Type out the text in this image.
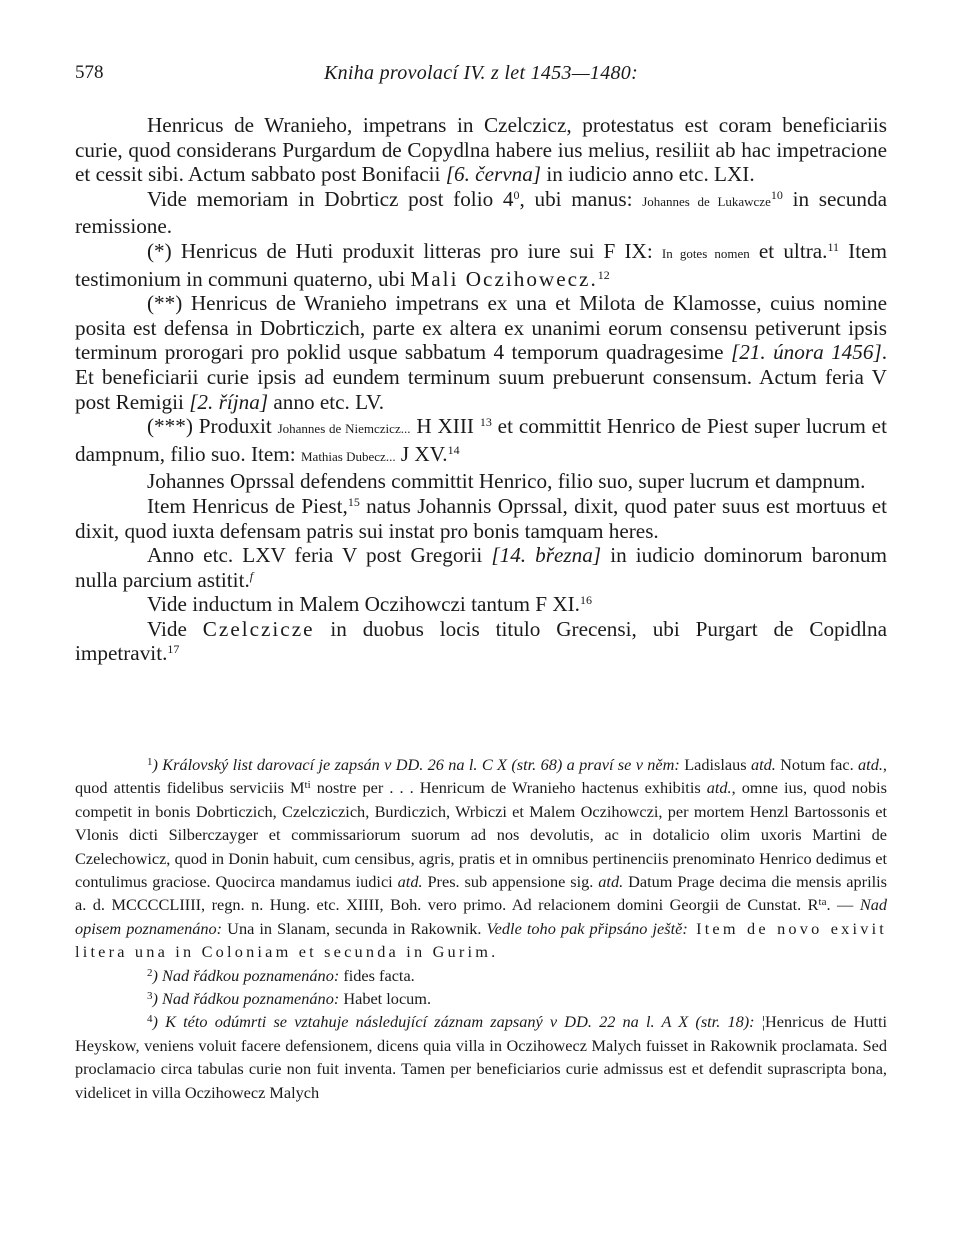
578	Kniha provolací IV. z let 1453—1480:

Henricus de Wranieho, impetrans in Czelczicz, protestatus est coram beneficiariis curie, quod considerans Purgardum de Copydlna habere ius melius, resiliit ab hac impetracione et cessit sibi. Actum sabbato post Bonifacii [6. června] in iudicio anno etc. LXI.

Vide memoriam in Dobrticz post folio $4^0$, ubi manus: Johannes de Lukawcze$^{10}$ in secunda remissione.

(*) Henricus de Huti produxit litteras pro iure sui F IX: In gotes nomen et ultra.$^{11}$ Item testimonium in communi quaterno, ubi Mali Oczihowecz.$^{12}$

(**) Henricus de Wranieho impetrans ex una et Milota de Klamosse, cuius nomine posita est defensa in Dobrticzich, parte ex altera ex unanimi eorum consensu petiverunt ipsis terminum prorogari pro poklid usque sabbatum 4 temporum quadragesime [21. února 1456]. Et beneficiarii curie ipsis ad eundem terminum suum prebuerunt consensum. Actum feria V post Remigii [2. října] anno etc. LV.

(***) Produxit Johannes de Niemczicz... H XIII $^{13}$ et committit Henrico de Piest super lucrum et dampnum, filio suo. Item: Mathias Dubecz... J XV.$^{14}$

Johannes Oprssal defendens committit Henrico, filio suo, super lucrum et dampnum.

Item Henricus de Piest,$^{15}$ natus Johannis Oprssal, dixit, quod pater suus est mortuus et dixit, quod iuxta defensam patris sui instat pro bonis tamquam heres.

Anno etc. LXV feria V post Gregorii [14. března] in iudicio dominorum baronum nulla parcium astitit.$^f$

Vide inductum in Malem Oczihowczi tantum F XI.$^{16}$

Vide Czelczicze in duobus locis titulo Grecensi, ubi Purgart de Copidlna impetravit.$^{17}$

$^1$) Královský list darovací je zapsán v DD. 26 na l. C X (str. 68) a praví se v něm: Ladislaus atd. Notum fac. atd., quod attentis fidelibus serviciis $M^{ti}$ nostre per . . . Henricum de Wranieho hactenus exhibitis atd., omne ius, quod nobis competit in bonis Dobrticzich, Czelcziczich, Burdiczich, Wrbiczi et Malem Oczihowczi, per mortem Henzl Bartossonis et Vlonis dicti Silberczayger et commissariorum suorum ad nos devolutis, ac in dotalicio olim uxoris Martini de Czelechowicz, quod in Donin habuit, cum censibus, agris, pratis et in omnibus pertinenciis prenominato Henrico dedimus et contulimus graciose. Quocirca mandamus iudici atd. Pres. sub appensione sig. atd. Datum Prage decima die mensis aprilis a. d. MCCCCLIIII, regn. n. Hung. etc. XIIII, Boh. vero primo. Ad relacionem domini Georgii de Cunstat. $R^{ta}$. — Nad opisem poznamenáno: Una in Slanam, secunda in Rakownik. Vedle toho pak připsáno ještě: Item de novo exivit litera una in Coloniam et secunda in Gurim.

$^2$) Nad řádkou poznamenáno: fides facta.

$^3$) Nad řádkou poznamenáno: Habet locum.

$^4$) K této odúmrti se vztahuje následující záznam zapsaný v DD. 22 na l. A X (str. 18): ¦Henricus de Hutti Heyskow, veniens voluit facere defensionem, dicens quia villa in Oczihowecz Malych fuisset in Rakownik proclamata. Sed proclamacio circa tabulas curie non fuit inventa. Tamen per beneficiarios curie admissus est et defendit suprascripta bona, videlicet in villa Oczihowecz Malych
